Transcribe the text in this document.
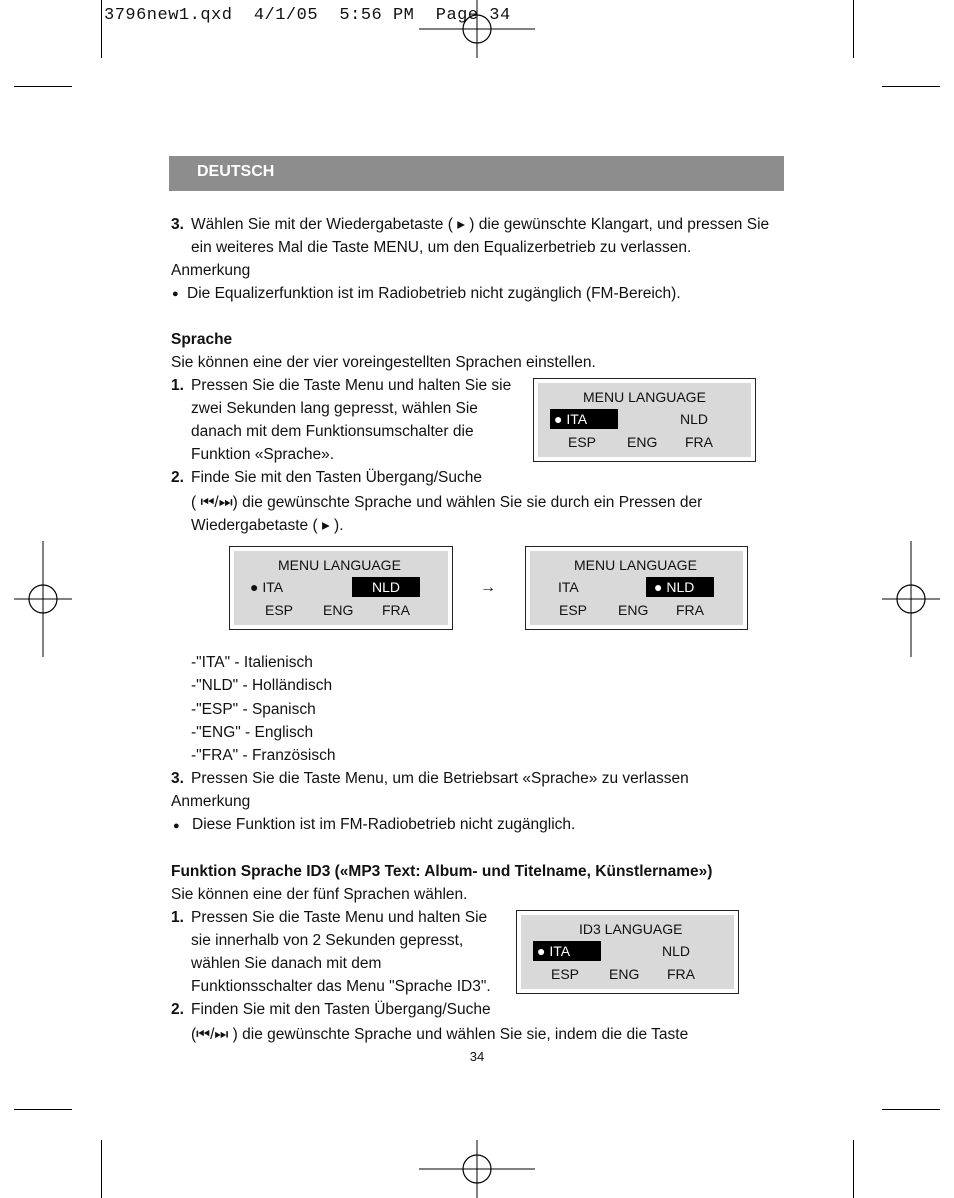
3796new1.qxd  4/1/05  5:56 PM  Page 34
DEUTSCH
3. Wählen Sie mit der Wiedergabetaste ( ▸ ) die gewünschte Klangart, und pressen Sie
ein weiteres Mal die Taste MENU, um den Equalizerbetrieb zu verlassen.
Anmerkung
● Die Equalizerfunktion ist im Radiobetrieb nicht zugänglich (FM-Bereich).
Sprache
Sie können eine der vier voreingestellten Sprachen einstellen.
1. Pressen Sie die Taste Menu und halten Sie sie
zwei Sekunden lang gepresst, wählen Sie
danach mit dem Funktionsumschalter die
Funktion «Sprache».
2. Finde Sie mit den Tasten Übergang/Suche
( ⏮/⏭) die gewünschte Sprache und wählen Sie sie durch ein Pressen der
Wiedergabetaste ( ▸ ).
MENU LANGUAGE
● ITA	NLD
ESP ENG FRA
MENU LANGUAGE
● ITA	NLD
ESP ENG FRA
→
MENU LANGUAGE
ITA	● NLD
ESP ENG FRA
-"ITA" - Italienisch
-"NLD" - Holländisch
-"ESP" - Spanisch
-"ENG" - Englisch
-"FRA" - Französisch
3. Pressen Sie die Taste Menu, um die Betriebsart «Sprache» zu verlassen
Anmerkung
● Diese Funktion ist im FM-Radiobetrieb nicht zugänglich.
Funktion Sprache ID3 («MP3 Text: Album- und Titelname, Künstlername»)
Sie können eine der fünf Sprachen wählen.
1. Pressen Sie die Taste Menu und halten Sie
sie innerhalb von 2 Sekunden gepresst,
wählen Sie danach mit dem
Funktionsschalter das Menu "Sprache ID3".
2. Finden Sie mit den Tasten Übergang/Suche
(⏮/⏭ ) die gewünschte Sprache und wählen Sie sie, indem die die Taste
ID3 LANGUAGE
● ITA	NLD
ESP ENG FRA
34
